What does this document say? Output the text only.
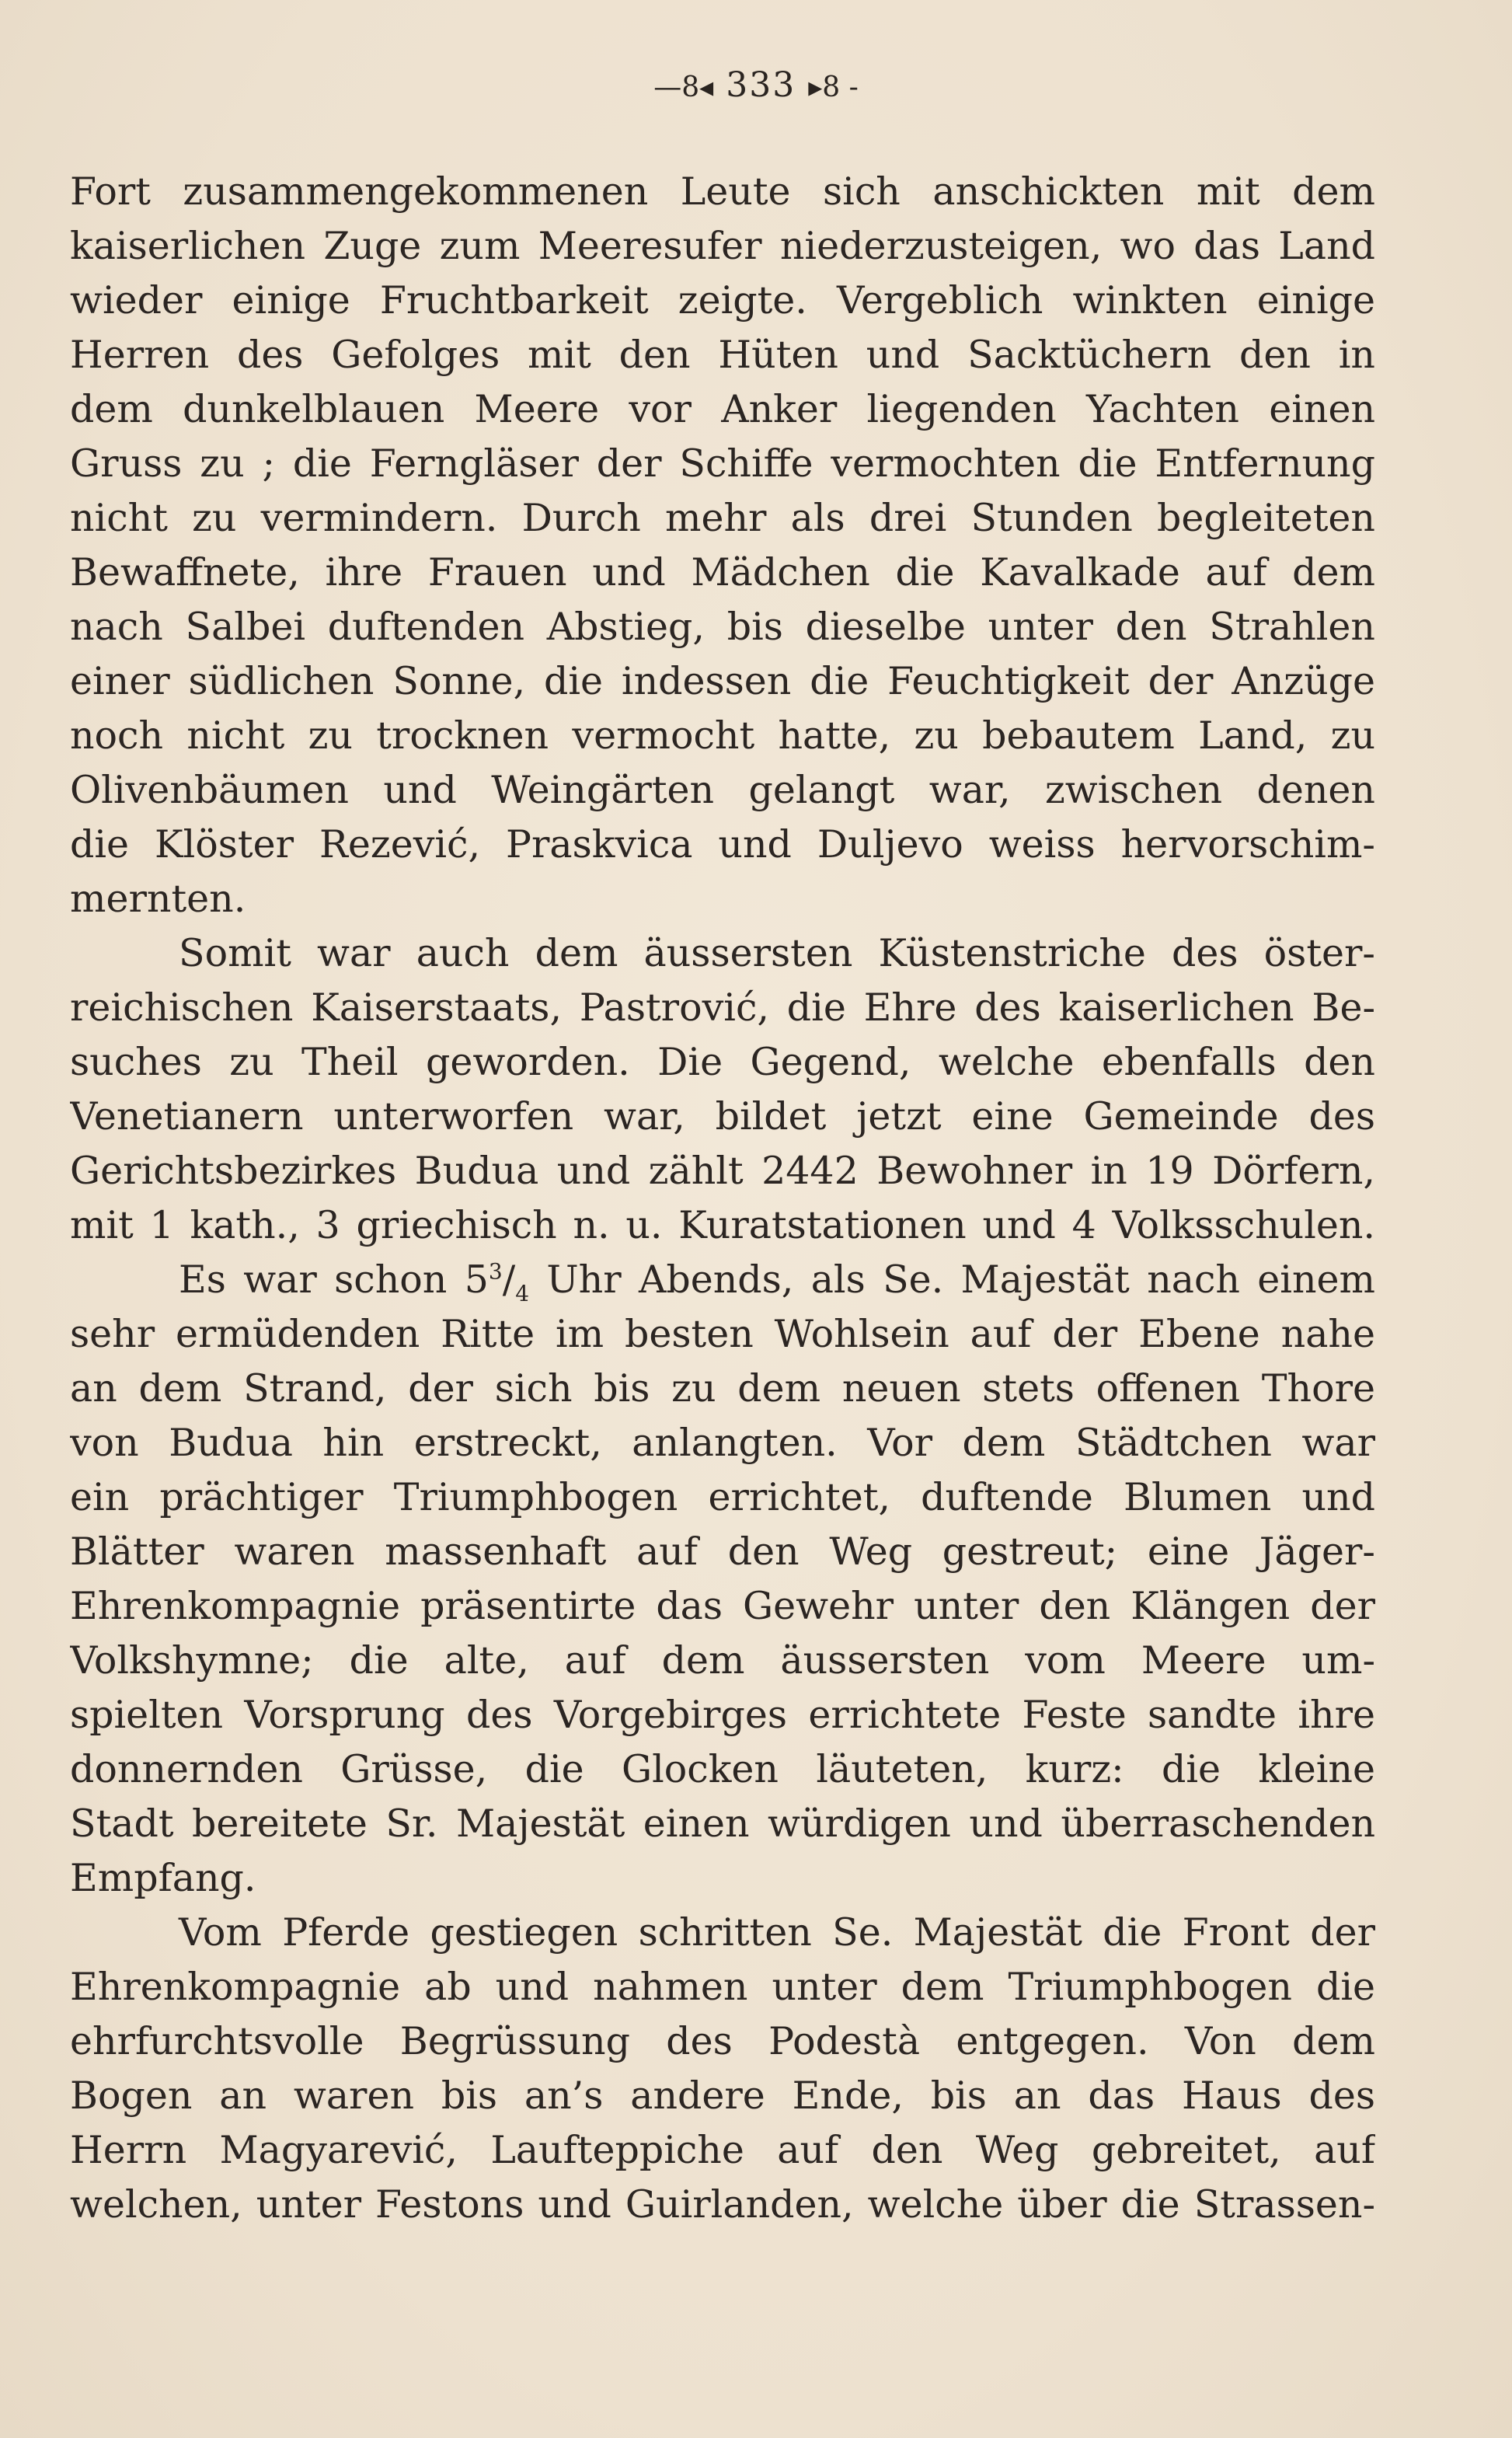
—8◂ 333 ▸8 -
Fort zusammengekommenen Leute sich anschickten mit dem
kaiserlichen Zuge zum Meeresufer niederzusteigen, wo das Land
wieder einige Fruchtbarkeit zeigte. Vergeblich winkten einige
Herren des Gefolges mit den Hüten und Sacktüchern den in
dem dunkelblauen Meere vor Anker liegenden Yachten einen
Gruss zu ; die Ferngläser der Schiffe vermochten die Entfernung
nicht zu vermindern. Durch mehr als drei Stunden begleiteten
Bewaffnete, ihre Frauen und Mädchen die Kavalkade auf dem
nach Salbei duftenden Abstieg, bis dieselbe unter den Strahlen
einer südlichen Sonne, die indessen die Feuchtigkeit der Anzüge
noch nicht zu trocknen vermocht hatte, zu bebautem Land, zu
Olivenbäumen und Weingärten gelangt war, zwischen denen
die Klöster Rezević, Praskvica und Duljevo weiss hervorschim-
mernten.
Somit war auch dem äussersten Küstenstriche des öster-
reichischen Kaiserstaats, Pastrović, die Ehre des kaiserlichen Be-
suches zu Theil geworden. Die Gegend, welche ebenfalls den
Venetianern unterworfen war, bildet jetzt eine Gemeinde des
Gerichtsbezirkes Budua und zählt 2442 Bewohner in 19 Dörfern,
mit 1 kath., 3 griechisch n. u. Kuratstationen und 4 Volksschulen.
Es war schon $5^3/_4$ Uhr Abends, als Se. Majestät nach einem
sehr ermüdenden Ritte im besten Wohlsein auf der Ebene nahe
an dem Strand, der sich bis zu dem neuen stets offenen Thore
von Budua hin erstreckt, anlangten. Vor dem Städtchen war
ein prächtiger Triumphbogen errichtet, duftende Blumen und
Blätter waren massenhaft auf den Weg gestreut; eine Jäger-
Ehrenkompagnie präsentirte das Gewehr unter den Klängen der
Volkshymne; die alte, auf dem äussersten vom Meere um-
spielten Vorsprung des Vorgebirges errichtete Feste sandte ihre
donnernden Grüsse, die Glocken läuteten, kurz: die kleine
Stadt bereitete Sr. Majestät einen würdigen und überraschenden
Empfang.
Vom Pferde gestiegen schritten Se. Majestät die Front der
Ehrenkompagnie ab und nahmen unter dem Triumphbogen die
ehrfurchtsvolle Begrüssung des Podestà entgegen. Von dem
Bogen an waren bis an’s andere Ende, bis an das Haus des
Herrn Magyarević, Laufteppiche auf den Weg gebreitet, auf
welchen, unter Festons und Guirlanden, welche über die Strassen-
